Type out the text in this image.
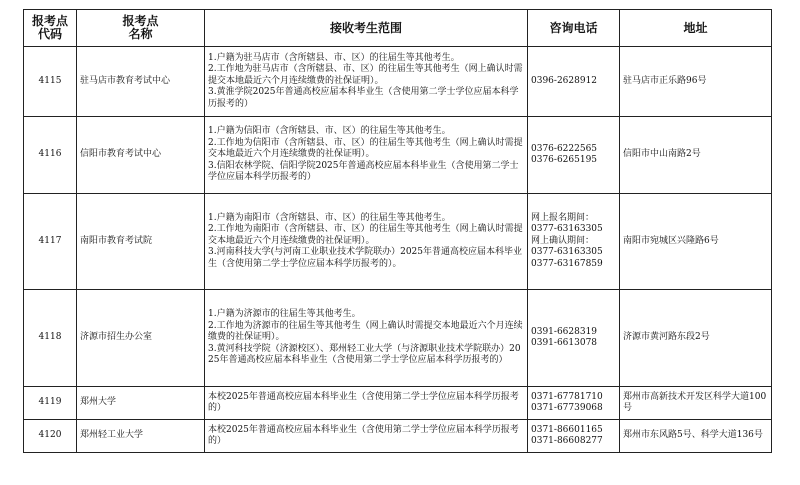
报考点
代码	报考点
名称	接收考生范围	咨询电话	地址
4115	驻马店市教育考试中心	1.户籍为驻马店市（含所辖县、市、区）的往届生等其他考生。
2.工作地为驻马店市（含所辖县、市、区）的往届生等其他考生（网上确认时需提交本地最近六个月连续缴费的社保证明）。
3.黄淮学院2025年普通高校应届本科毕业生（含使用第二学士学位应届本科学历报考的）	0396-2628912	驻马店市正乐路96号
4116	信阳市教育考试中心	1.户籍为信阳市（含所辖县、市、区）的往届生等其他考生。
2.工作地为信阳市（含所辖县、市、区）的往届生等其他考生（网上确认时需提交本地最近六个月连续缴费的社保证明）。
3.信阳农林学院、信阳学院2025年普通高校应届本科毕业生（含使用第二学士学位应届本科学历报考的）	0376-6222565
0376-6265195	信阳市中山南路2号
4117	南阳市教育考试院	1.户籍为南阳市（含所辖县、市、区）的往届生等其他考生。
2.工作地为南阳市（含所辖县、市、区）的往届生等其他考生（网上确认时需提交本地最近六个月连续缴费的社保证明）。
3.河南科技大学(与河南工业职业技术学院联办）2025年普通高校应届本科毕业生（含使用第二学士学位应届本科学历报考的）。	网上报名期间：
0377-63163305
网上确认期间：
0377-63163305
0377-63167859	南阳市宛城区兴隆路6号
4118	济源市招生办公室	1.户籍为济源市的往届生等其他考生。
2.工作地为济源市的往届生等其他考生（网上确认时需提交本地最近六个月连续缴费的社保证明）。
3.黄河科技学院（济源校区）、郑州轻工业大学（与济源职业技术学院联办）2025年普通高校应届本科毕业生（含使用第二学士学位应届本科学历报考的）	0391-6628319
0391-6613078	济源市黄河路东段2号
4119	郑州大学	本校2025年普通高校应届本科毕业生（含使用第二学士学位应届本科学历报考的）	0371-67781710
0371-67739068	郑州市高新技术开发区科学大道100号
4120	郑州轻工业大学	本校2025年普通高校应届本科毕业生（含使用第二学士学位应届本科学历报考的）	0371-86601165
0371-86608277	郑州市东风路5号、科学大道136号
